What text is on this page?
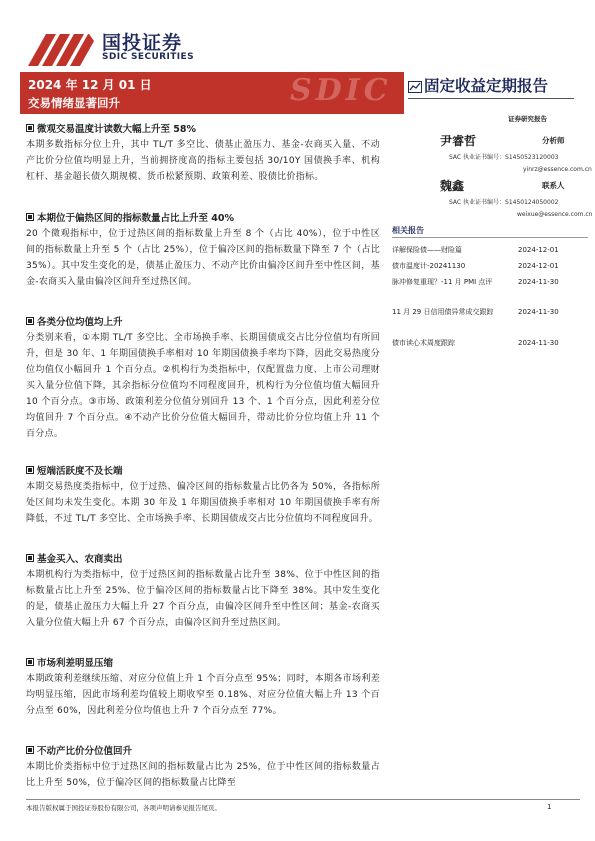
国投证券
SDIC SECURITIES
2024 年 12 月 01 日
交易情绪显著回升	SDIC	固定收益定期报告
证券研究报告
尹睿哲	分析师
SAC 执业证书编号：S1450523120003
yinrz@essence.com.cn
魏鑫	联系人
SAC 执业证书编号：S1450124050002
weixue@essence.com.cn
相关报告
详解保险债——财险篇	2024-12-01
债市温度计-20241130	2024-12-01
脉冲修复重现？-11 月 PMI 点评	2024-11-30
11 月 29 日信用债异常成交跟踪	2024-11-30
债市读心术周度跟踪	2024-11-30
微观交易温度计读数大幅上升至 58%
本期多数指标分位上升，其中 TL/T 多空比、债基止盈压力、基金-农商买入量、不动产比价分位值均明显上升，当前拥挤度高的指标主要包括 30/10Y 国债换手率、机构杠杆、基金超长债久期规模、货币松紧预期、政策利差、股债比价指标。
本期位于偏热区间的指标数量占比上升至 40%
20 个微观指标中，位于过热区间的指标数量上升至 8 个（占比 40%），位于中性区间的指标数量上升至 5 个（占比 25%），位于偏冷区间的指标数量下降至 7 个（占比 35%）。其中发生变化的是，债基止盈压力、不动产比价由偏冷区间升至中性区间，基金-农商买入量由偏冷区间升至过热区间。
各类分位均值均上升
分类别来看，①本期 TL/T 多空比、全市场换手率、长期国债成交占比分位值均有所回升，但是 30 年、1 年期国债换手率相对 10 年期国债换手率均下降，因此交易热度分位均值仅小幅回升 1 个百分点。②机构行为类指标中，仅配置盘力度、上市公司理财买入量分位值下降，其余指标分位值均不同程度回升，机构行为分位值均值大幅回升 10 个百分点。③市场、政策利差分位值分别回升 13 个、1 个百分点，因此利差分位均值回升 7 个百分点。④不动产比价分位值大幅回升，带动比价分位均值上升 11 个百分点。
短端活跃度不及长端
本期交易热度类指标中，位于过热、偏冷区间的指标数量占比仍各为 50%，各指标所处区间均未发生变化。本期 30 年及 1 年期国债换手率相对 10 年期国债换手率有所降低，不过 TL/T 多空比、全市场换手率、长期国债成交占比分位值均不同程度回升。
基金买入、农商卖出
本期机构行为类指标中，位于过热区间的指标数量占比升至 38%、位于中性区间的指标数量占比上升至 25%、位于偏冷区间的指标数量占比下降至 38%。其中发生变化的是，债基止盈压力大幅上升 27 个百分点，由偏冷区间升至中性区间；基金-农商买入量分位值大幅上升 67 个百分点，由偏冷区间升至过热区间。
市场利差明显压缩
本期政策利差继续压缩、对应分位值上升 1 个百分点至 95%；同时，本期各市场利差均明显压缩，因此市场利差均值较上期收窄至 0.18%、对应分位值大幅上升 13 个百分点至 60%，因此利差分位均值也上升 7 个百分点至 77%。
不动产比价分位值回升
本期比价类指标中位于过热区间的指标数量占比为 25%，位于中性区间的指标数量占比上升至 50%，位于偏冷区间的指标数量占比降至
本报告版权属于国投证券股份有限公司，各项声明请参见报告尾页。	1
